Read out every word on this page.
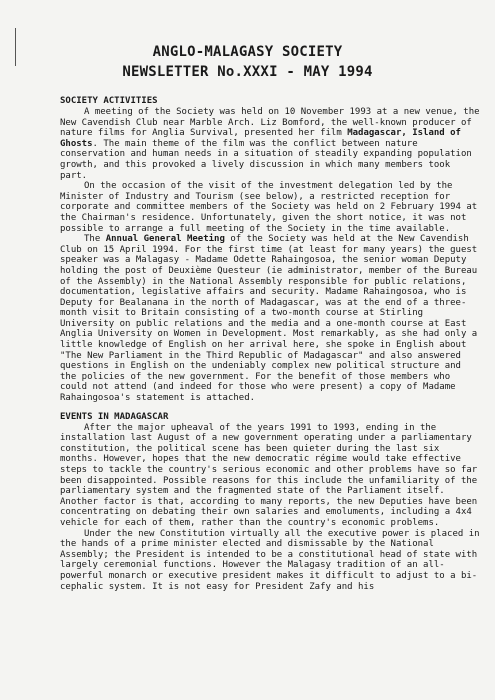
ANGLO-MALAGASY SOCIETY
NEWSLETTER No.XXXI - MAY 1994
SOCIETY ACTIVITIES

A meeting of the Society was held on 10 November 1993 at a new venue, the New Cavendish Club near Marble Arch. Liz Bomford, the well-known producer of nature films for Anglia Survival, presented her film Madagascar, Island of Ghosts. The main theme of the film was the conflict between nature conservation and human needs in a situation of steadily expanding population growth, and this provoked a lively discussion in which many members took part.

On the occasion of the visit of the investment delegation led by the Minister of Industry and Tourism (see below), a restricted reception for corporate and committee members of the Society was held on 2 February 1994 at the Chairman's residence. Unfortunately, given the short notice, it was not possible to arrange a full meeting of the Society in the time available.

The Annual General Meeting of the Society was held at the New Cavendish Club on 15 April 1994. For the first time (at least for many years) the guest speaker was a Malagasy - Madame Odette Rahaingosoa, the senior woman Deputy holding the post of Deuxième Questeur (ie administrator, member of the Bureau of the Assembly) in the National Assembly responsible for public relations, documentation, legislative affairs and security. Madame Rahaingosoa, who is Deputy for Bealanana in the north of Madagascar, was at the end of a three-month visit to Britain consisting of a two-month course at Stirling University on public relations and the media and a one-month course at East Anglia University on Women in Development. Most remarkably, as she had only a little knowledge of English on her arrival here, she spoke in English about "The New Parliament in the Third Republic of Madagascar" and also answered questions in English on the undeniably complex new political structure and the policies of the new government. For the benefit of those members who could not attend (and indeed for those who were present) a copy of Madame Rahaingosoa's statement is attached.

EVENTS IN MADAGASCAR

After the major upheaval of the years 1991 to 1993, ending in the installation last August of a new government operating under a parliamentary constitution, the political scene has been quieter during the last six months. However, hopes that the new democratic régime would take effective steps to tackle the country's serious economic and other problems have so far been disappointed. Possible reasons for this include the unfamiliarity of the parliamentary system and the fragmented state of the Parliament itself. Another factor is that, according to many reports, the new Deputies have been concentrating on debating their own salaries and emoluments, including a 4x4 vehicle for each of them, rather than the country's economic problems.

Under the new Constitution virtually all the executive power is placed in the hands of a prime minister elected and dismissable by the National Assembly; the President is intended to be a constitutional head of state with largely ceremonial functions. However the Malagasy tradition of an all-powerful monarch or executive president makes it difficult to adjust to a bi-cephalic system. It is not easy for President Zafy and his
